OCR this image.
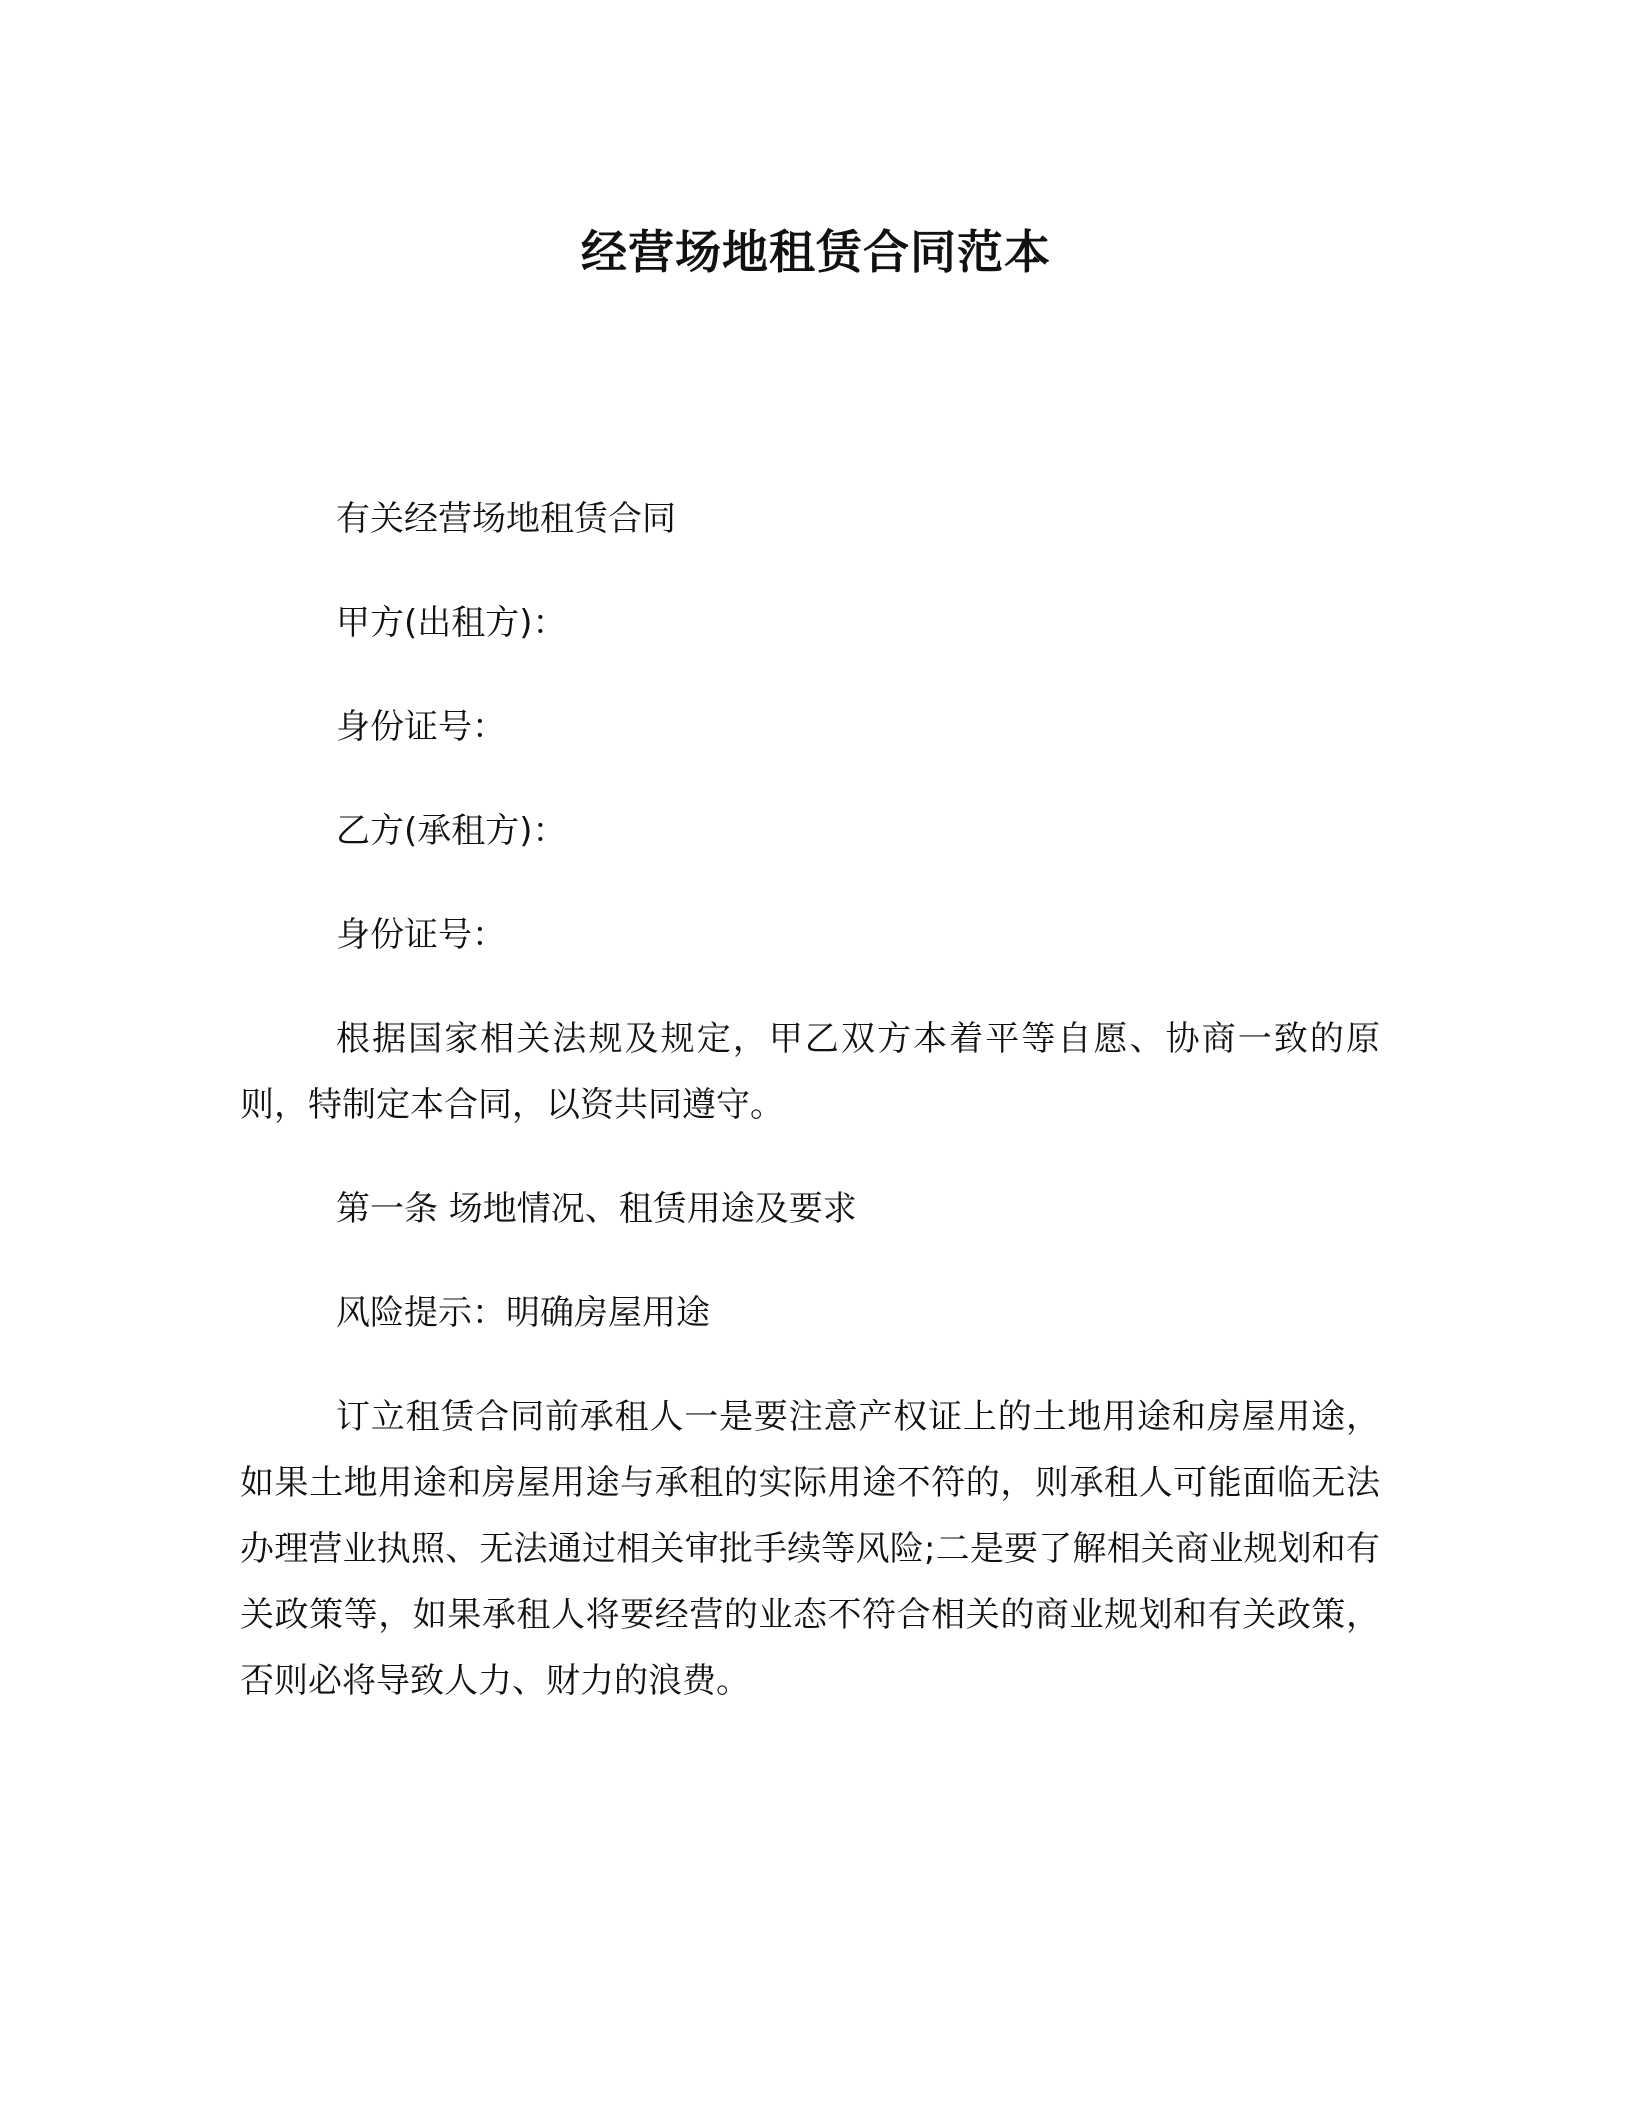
经营场地租赁合同范本

有关经营场地租赁合同

甲方(出租方)：

身份证号：

乙方(承租方)：

身份证号：

根据国家相关法规及规定，甲乙双方本着平等自愿、协商一致的原则，特制定本合同，以资共同遵守。

第一条 场地情况、租赁用途及要求

风险提示：明确房屋用途

订立租赁合同前承租人一是要注意产权证上的土地用途和房屋用途，如果土地用途和房屋用途与承租的实际用途不符的，则承租人可能面临无法办理营业执照、无法通过相关审批手续等风险;二是要了解相关商业规划和有关政策等，如果承租人将要经营的业态不符合相关的商业规划和有关政策，否则必将导致人力、财力的浪费。
